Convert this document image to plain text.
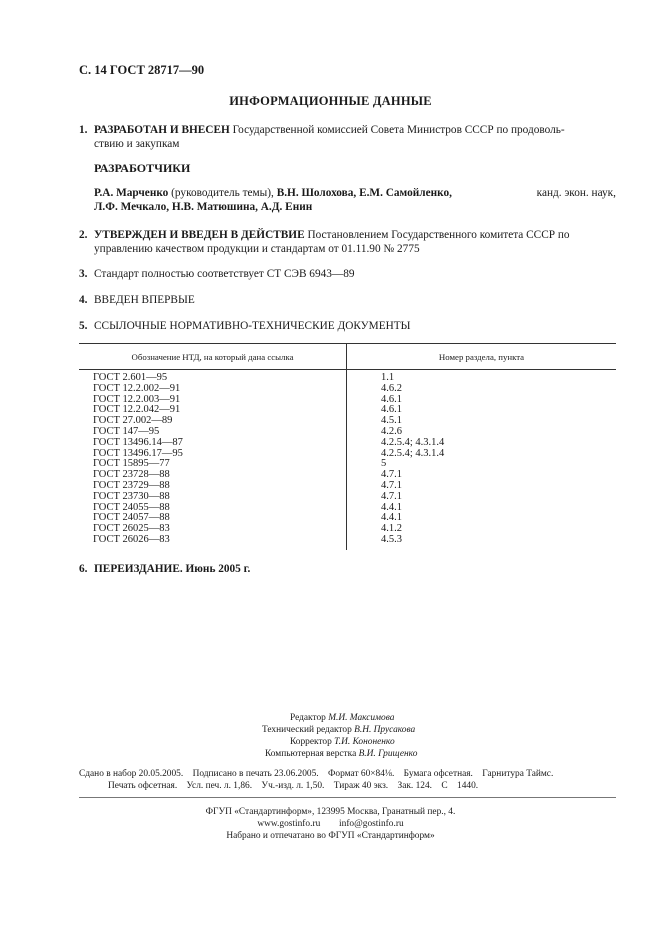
С. 14 ГОСТ 28717—90
ИНФОРМАЦИОННЫЕ ДАННЫЕ
1. РАЗРАБОТАН И ВНЕСЕН Государственной комиссией Совета Министров СССР по продоволь-
ствию и закупкам
РАЗРАБОТЧИКИ
Р.А. Марченко (руководитель темы), В.Н. Шолохова, Е.М. Самойленко,	канд. экон. наук,
Л.Ф. Мечкало, Н.В. Матюшина, А.Д. Енин
2. УТВЕРЖДЕН И ВВЕДЕН В ДЕЙСТВИЕ Постановлением Государственного комитета СССР по
управлению качеством продукции и стандартам от 01.11.90 № 2775
3. Стандарт полностью соответствует СТ СЭВ 6943—89
4. ВВЕДЕН ВПЕРВЫЕ
5. ССЫЛОЧНЫЕ НОРМАТИВНО-ТЕХНИЧЕСКИЕ ДОКУМЕНТЫ
Обозначение НТД, на который дана ссылка	Номер раздела, пункта
ГОСТ 2.601—95	1.1
ГОСТ 12.2.002—91	4.6.2
ГОСТ 12.2.003—91	4.6.1
ГОСТ 12.2.042—91	4.6.1
ГОСТ 27.002—89	4.5.1
ГОСТ 147—95	4.2.6
ГОСТ 13496.14—87	4.2.5.4; 4.3.1.4
ГОСТ 13496.17—95	4.2.5.4; 4.3.1.4
ГОСТ 15895—77	5
ГОСТ 23728—88	4.7.1
ГОСТ 23729—88	4.7.1
ГОСТ 23730—88	4.7.1
ГОСТ 24055—88	4.4.1
ГОСТ 24057—88	4.4.1
ГОСТ 26025—83	4.1.2
ГОСТ 26026—83	4.5.3
6. ПЕРЕИЗДАНИЕ. Июнь 2005 г.
Редактор М.И. Максимова
Технический редактор В.Н. Прусакова
Корректор Т.И. Кононенко
Компьютерная верстка В.И. Грищенко
Сдано в набор 20.05.2005.    Подписано в печать 23.06.2005.    Формат 60×84⅛.    Бумага офсетная.    Гарнитура Таймс.
Печать офсетная.    Усл. печ. л. 1,86.    Уч.-изд. л. 1,50.    Тираж 40 экз.    Зак. 124.    С    1440.
ФГУП «Стандартинформ», 123995 Москва, Гранатный пер., 4.
www.gostinfo.ru        info@gostinfo.ru
Набрано и отпечатано во ФГУП «Стандартинформ»
